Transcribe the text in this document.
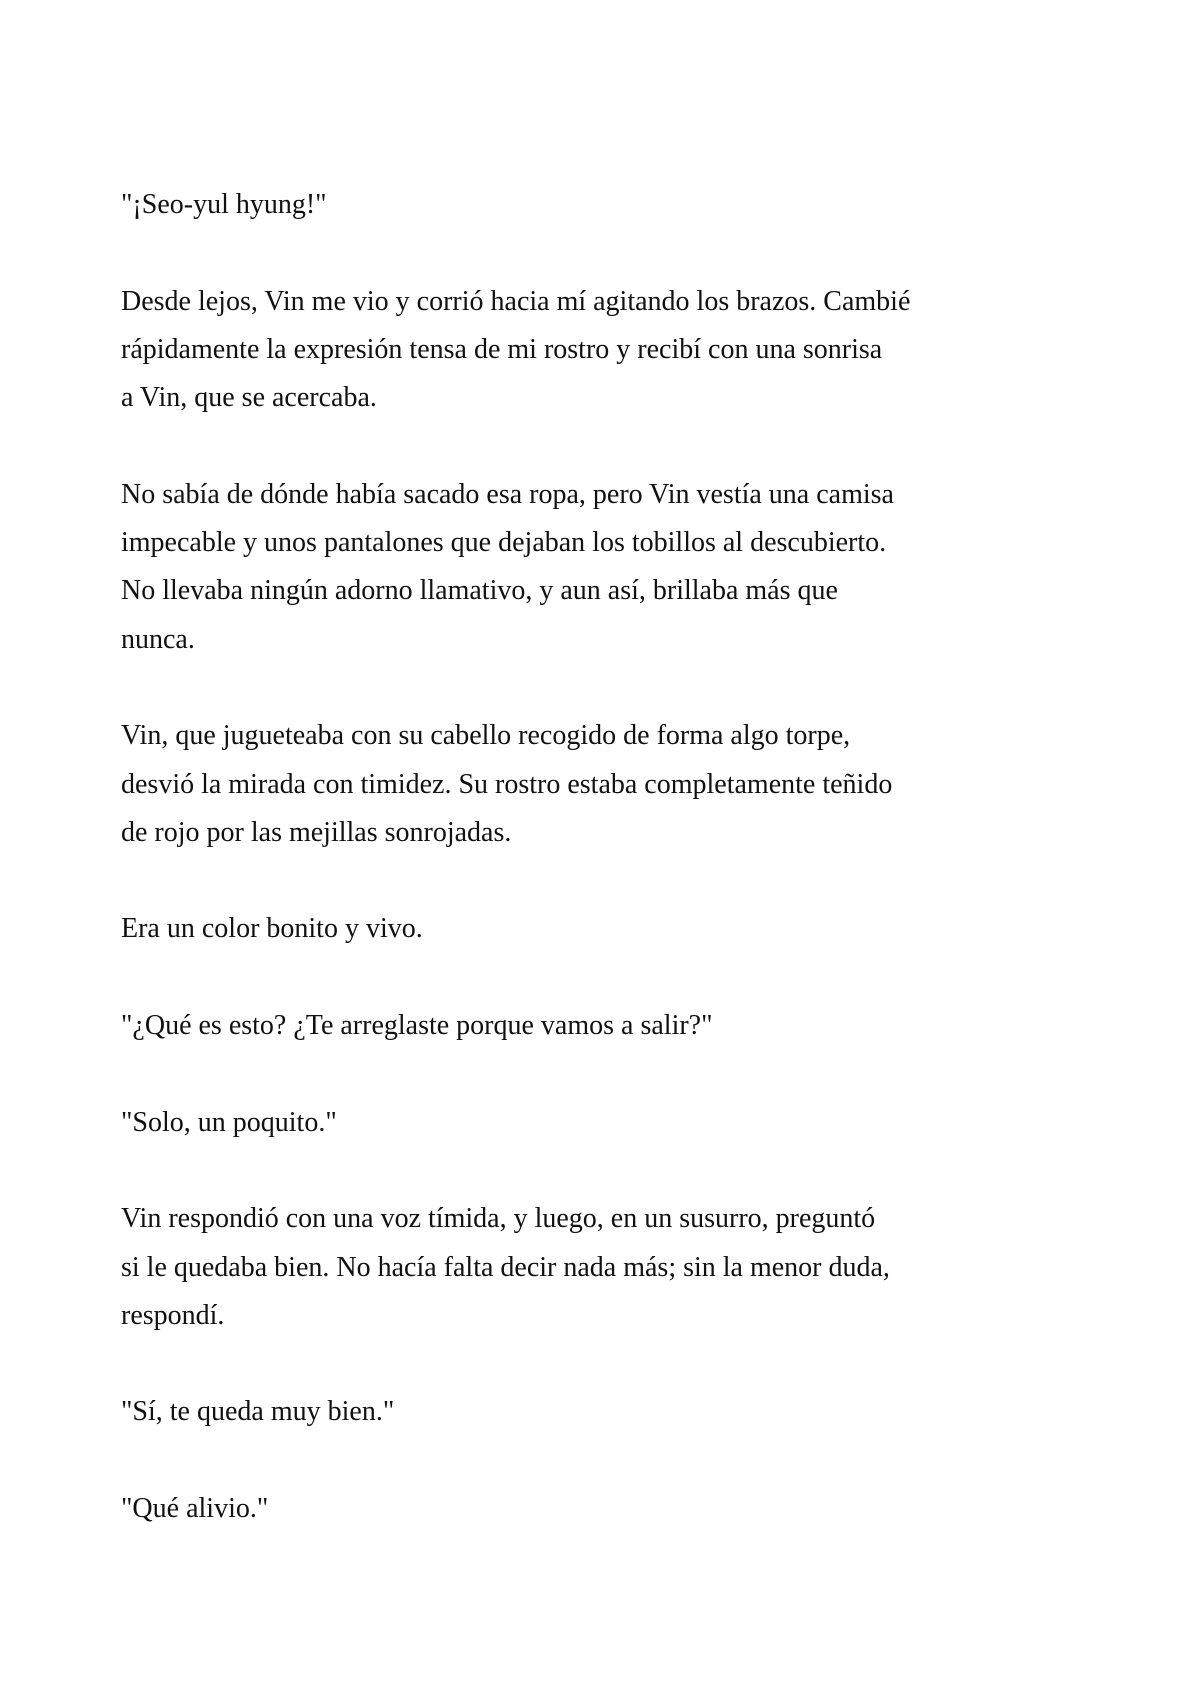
"¡Seo-yul hyung!"

Desde lejos, Vin me vio y corrió hacia mí agitando los brazos. Cambié
rápidamente la expresión tensa de mi rostro y recibí con una sonrisa
a Vin, que se acercaba.

No sabía de dónde había sacado esa ropa, pero Vin vestía una camisa
impecable y unos pantalones que dejaban los tobillos al descubierto.
No llevaba ningún adorno llamativo, y aun así, brillaba más que
nunca.

Vin, que jugueteaba con su cabello recogido de forma algo torpe,
desvió la mirada con timidez. Su rostro estaba completamente teñido
de rojo por las mejillas sonrojadas.

Era un color bonito y vivo.

"¿Qué es esto? ¿Te arreglaste porque vamos a salir?"

"Solo, un poquito."

Vin respondió con una voz tímida, y luego, en un susurro, preguntó
si le quedaba bien. No hacía falta decir nada más; sin la menor duda,
respondí.

"Sí, te queda muy bien."

"Qué alivio."
